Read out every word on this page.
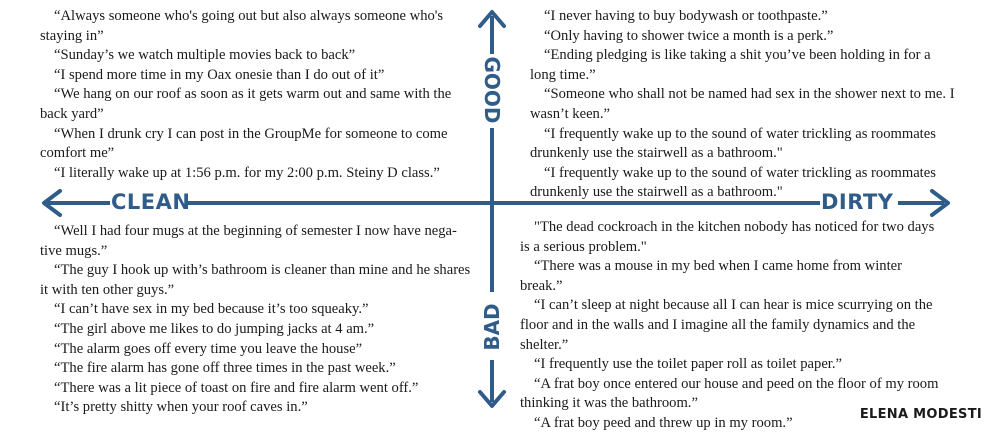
CLEAN	DIRTY
GOOD
BAD

“Always someone who's going out but also always someone who's staying in”

“Sunday’s we watch multiple movies back to back”

“I spend more time in my Oax onesie than I do out of it”

“We hang on our roof as soon as it gets warm out and same with the back yard”

“When I drunk cry I can post in the GroupMe for someone to come comfort me”

“I literally wake up at 1:56 p.m. for my 2:00 p.m. Steiny D class.”

“I never having to buy bodywash or toothpaste.”

“Only having to shower twice a month is a perk.”

“Ending pledging is like taking a shit you’ve been holding in for a long time.”

“Someone who shall not be named had sex in the shower next to me. I wasn’t keen.”

“I frequently wake up to the sound of water trickling as roommates drunkenly use the stairwell as a bathroom."

“I frequently wake up to the sound of water trickling as roommates drunkenly use the stairwell as a bathroom."

“Well I had four mugs at the beginning of semester I now have nega- tive mugs.”

“The guy I hook up with’s bathroom is cleaner than mine and he shares it with ten other guys.”

“I can’t have sex in my bed because it’s too squeaky.”

“The girl above me likes to do jumping jacks at 4 am.”

“The alarm goes off every time you leave the house”

“The fire alarm has gone off three times in the past week.”

“There was a lit piece of toast on fire and fire alarm went off.”

“It’s pretty shitty when your roof caves in.”

"The dead cockroach in the kitchen nobody has noticed for two days is a serious problem."

“There was a mouse in my bed when I came home from winter break.”

“I can’t sleep at night because all I can hear is mice scurrying on the floor and in the walls and I imagine all the family dynamics and the shelter.”

“I frequently use the toilet paper roll as toilet paper.”

“A frat boy once entered our house and peed on the floor of my room thinking it was the bathroom.”

“A frat boy peed and threw up in my room.”

ELENA MODESTI
